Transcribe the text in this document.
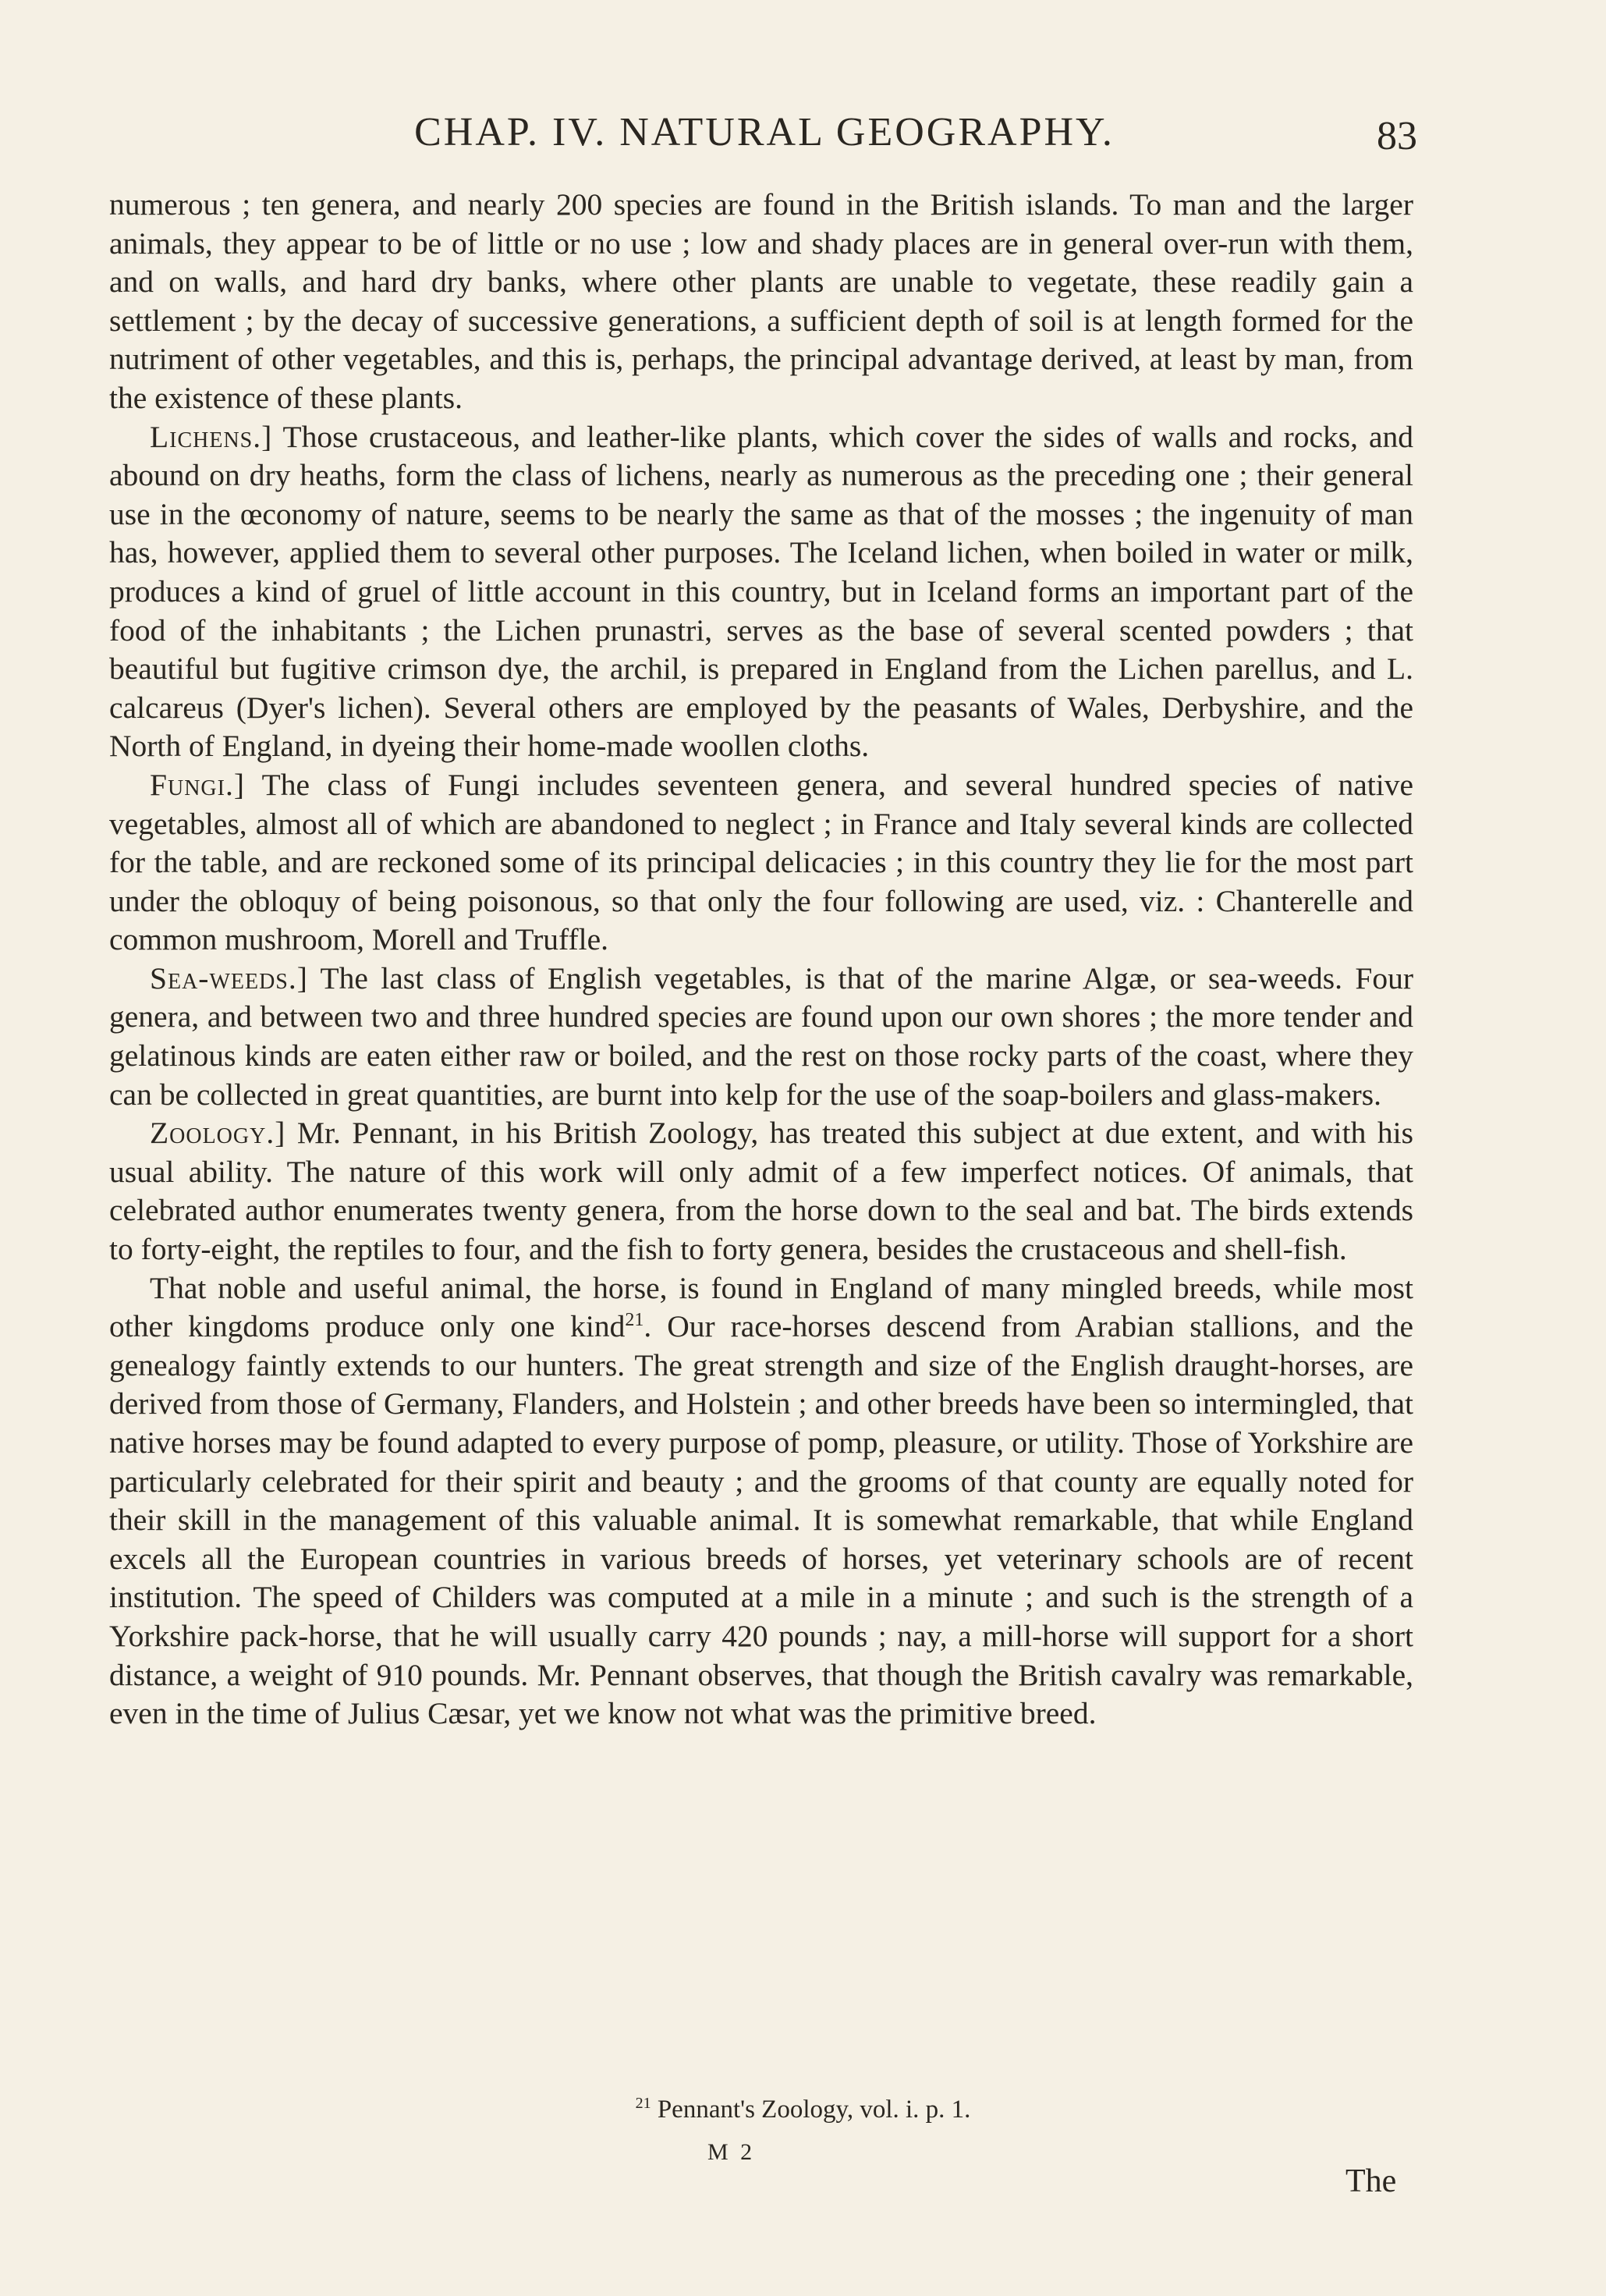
CHAP. IV. NATURAL GEOGRAPHY.	83

numerous ; ten genera, and nearly 200 species are found in the British islands. To man and the larger animals, they appear to be of little or no use ; low and shady places are in general over-run with them, and on walls, and hard dry banks, where other plants are unable to vegetate, these readily gain a settlement ; by the decay of successive generations, a sufficient depth of soil is at length formed for the nutriment of other vegetables, and this is, perhaps, the principal advantage derived, at least by man, from the existence of these plants.

Lichens.] Those crustaceous, and leather-like plants, which cover the sides of walls and rocks, and abound on dry heaths, form the class of lichens, nearly as numerous as the preceding one ; their general use in the œconomy of nature, seems to be nearly the same as that of the mosses ; the ingenuity of man has, however, applied them to several other purposes. The Iceland lichen, when boiled in water or milk, produces a kind of gruel of little account in this country, but in Iceland forms an important part of the food of the inhabitants ; the Lichen prunastri, serves as the base of several scented powders ; that beautiful but fugitive crimson dye, the archil, is prepared in England from the Lichen parellus, and L. calcareus (Dyer's lichen). Several others are employed by the peasants of Wales, Derbyshire, and the North of England, in dyeing their home-made woollen cloths.

Fungi.] The class of Fungi includes seventeen genera, and several hundred species of native vegetables, almost all of which are abandoned to neglect ; in France and Italy several kinds are collected for the table, and are reckoned some of its principal delicacies ; in this country they lie for the most part under the obloquy of being poisonous, so that only the four following are used, viz. : Chanterelle and common mushroom, Morell and Truffle.

Sea-weeds.] The last class of English vegetables, is that of the marine Algæ, or sea-weeds. Four genera, and between two and three hundred species are found upon our own shores ; the more tender and gelatinous kinds are eaten either raw or boiled, and the rest on those rocky parts of the coast, where they can be collected in great quantities, are burnt into kelp for the use of the soap-boilers and glass-makers.

Zoology.] Mr. Pennant, in his British Zoology, has treated this subject at due extent, and with his usual ability. The nature of this work will only admit of a few imperfect notices. Of animals, that celebrated author enumerates twenty genera, from the horse down to the seal and bat. The birds extends to forty-eight, the reptiles to four, and the fish to forty genera, besides the crustaceous and shell-fish.

That noble and useful animal, the horse, is found in England of many mingled breeds, while most other kingdoms produce only one kind$^{21}$. Our race-horses descend from Arabian stallions, and the genealogy faintly extends to our hunters. The great strength and size of the English draught-horses, are derived from those of Germany, Flanders, and Holstein ; and other breeds have been so intermingled, that native horses may be found adapted to every purpose of pomp, pleasure, or utility. Those of Yorkshire are particularly celebrated for their spirit and beauty ; and the grooms of that county are equally noted for their skill in the management of this valuable animal. It is somewhat remarkable, that while England excels all the European countries in various breeds of horses, yet veterinary schools are of recent institution. The speed of Childers was computed at a mile in a minute ; and such is the strength of a Yorkshire pack-horse, that he will usually carry 420 pounds ; nay, a mill-horse will support for a short distance, a weight of 910 pounds. Mr. Pennant observes, that though the British cavalry was remarkable, even in the time of Julius Cæsar, yet we know not what was the primitive breed.

$^{21}$ Pennant's Zoology, vol. i. p. 1.
M 2
The
